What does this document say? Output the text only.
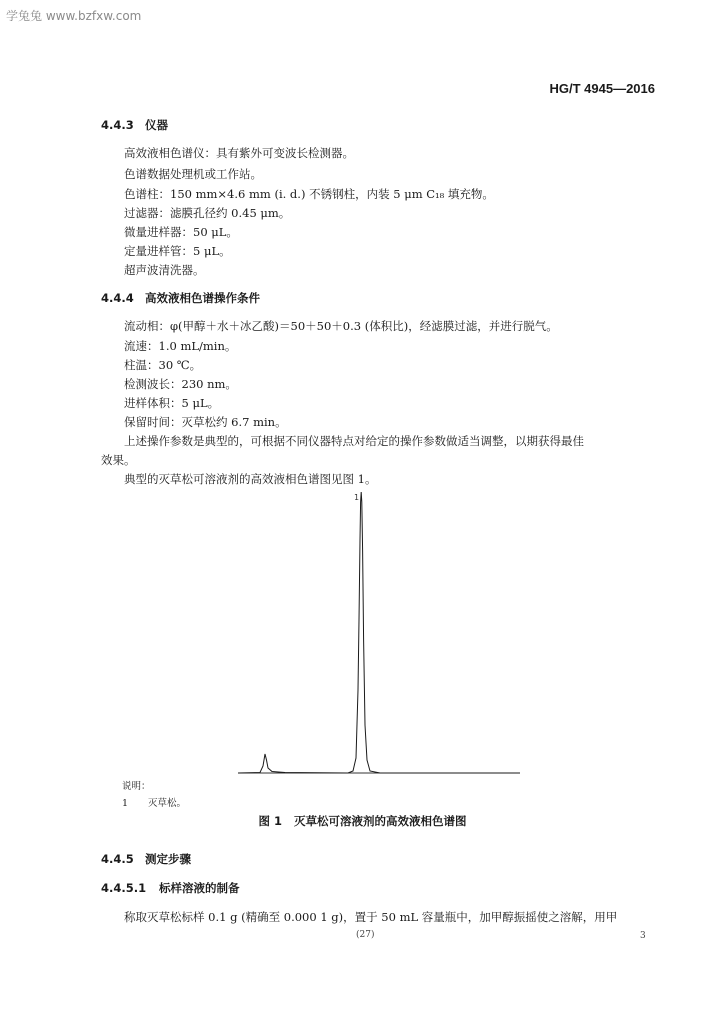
学兔兔 www.bzfxw.com
HG/T 4945—2016
4.4.3 仪器
高效液相色谱仪：具有紫外可变波长检测器。
色谱数据处理机或工作站。
色谱柱：150 mm×4.6 mm (i. d.) 不锈钢柱，内装 5 μm C₁₈ 填充物。
过滤器：滤膜孔径约 0.45 μm。
微量进样器：50 μL。
定量进样管：5 μL。
超声波清洗器。
4.4.4 高效液相色谱操作条件
流动相：φ(甲醇＋水＋冰乙酸)＝50＋50＋0.3 (体积比)，经滤膜过滤，并进行脱气。
流速：1.0 mL/min。
柱温：30 ℃。
检测波长：230 nm。
进样体积：5 μL。
保留时间：灭草松约 6.7 min。
上述操作参数是典型的，可根据不同仪器特点对给定的操作参数做适当调整，以期获得最佳
效果。
典型的灭草松可溶液剂的高效液相色谱图见图 1。
1
说明：
1 灭草松。
图 1 灭草松可溶液剂的高效液相色谱图
4.4.5 测定步骤
4.4.5.1 标样溶液的制备
称取灭草松标样 0.1 g (精确至 0.000 1 g)，置于 50 mL 容量瓶中，加甲醇振摇使之溶解，用甲
(27)	3
